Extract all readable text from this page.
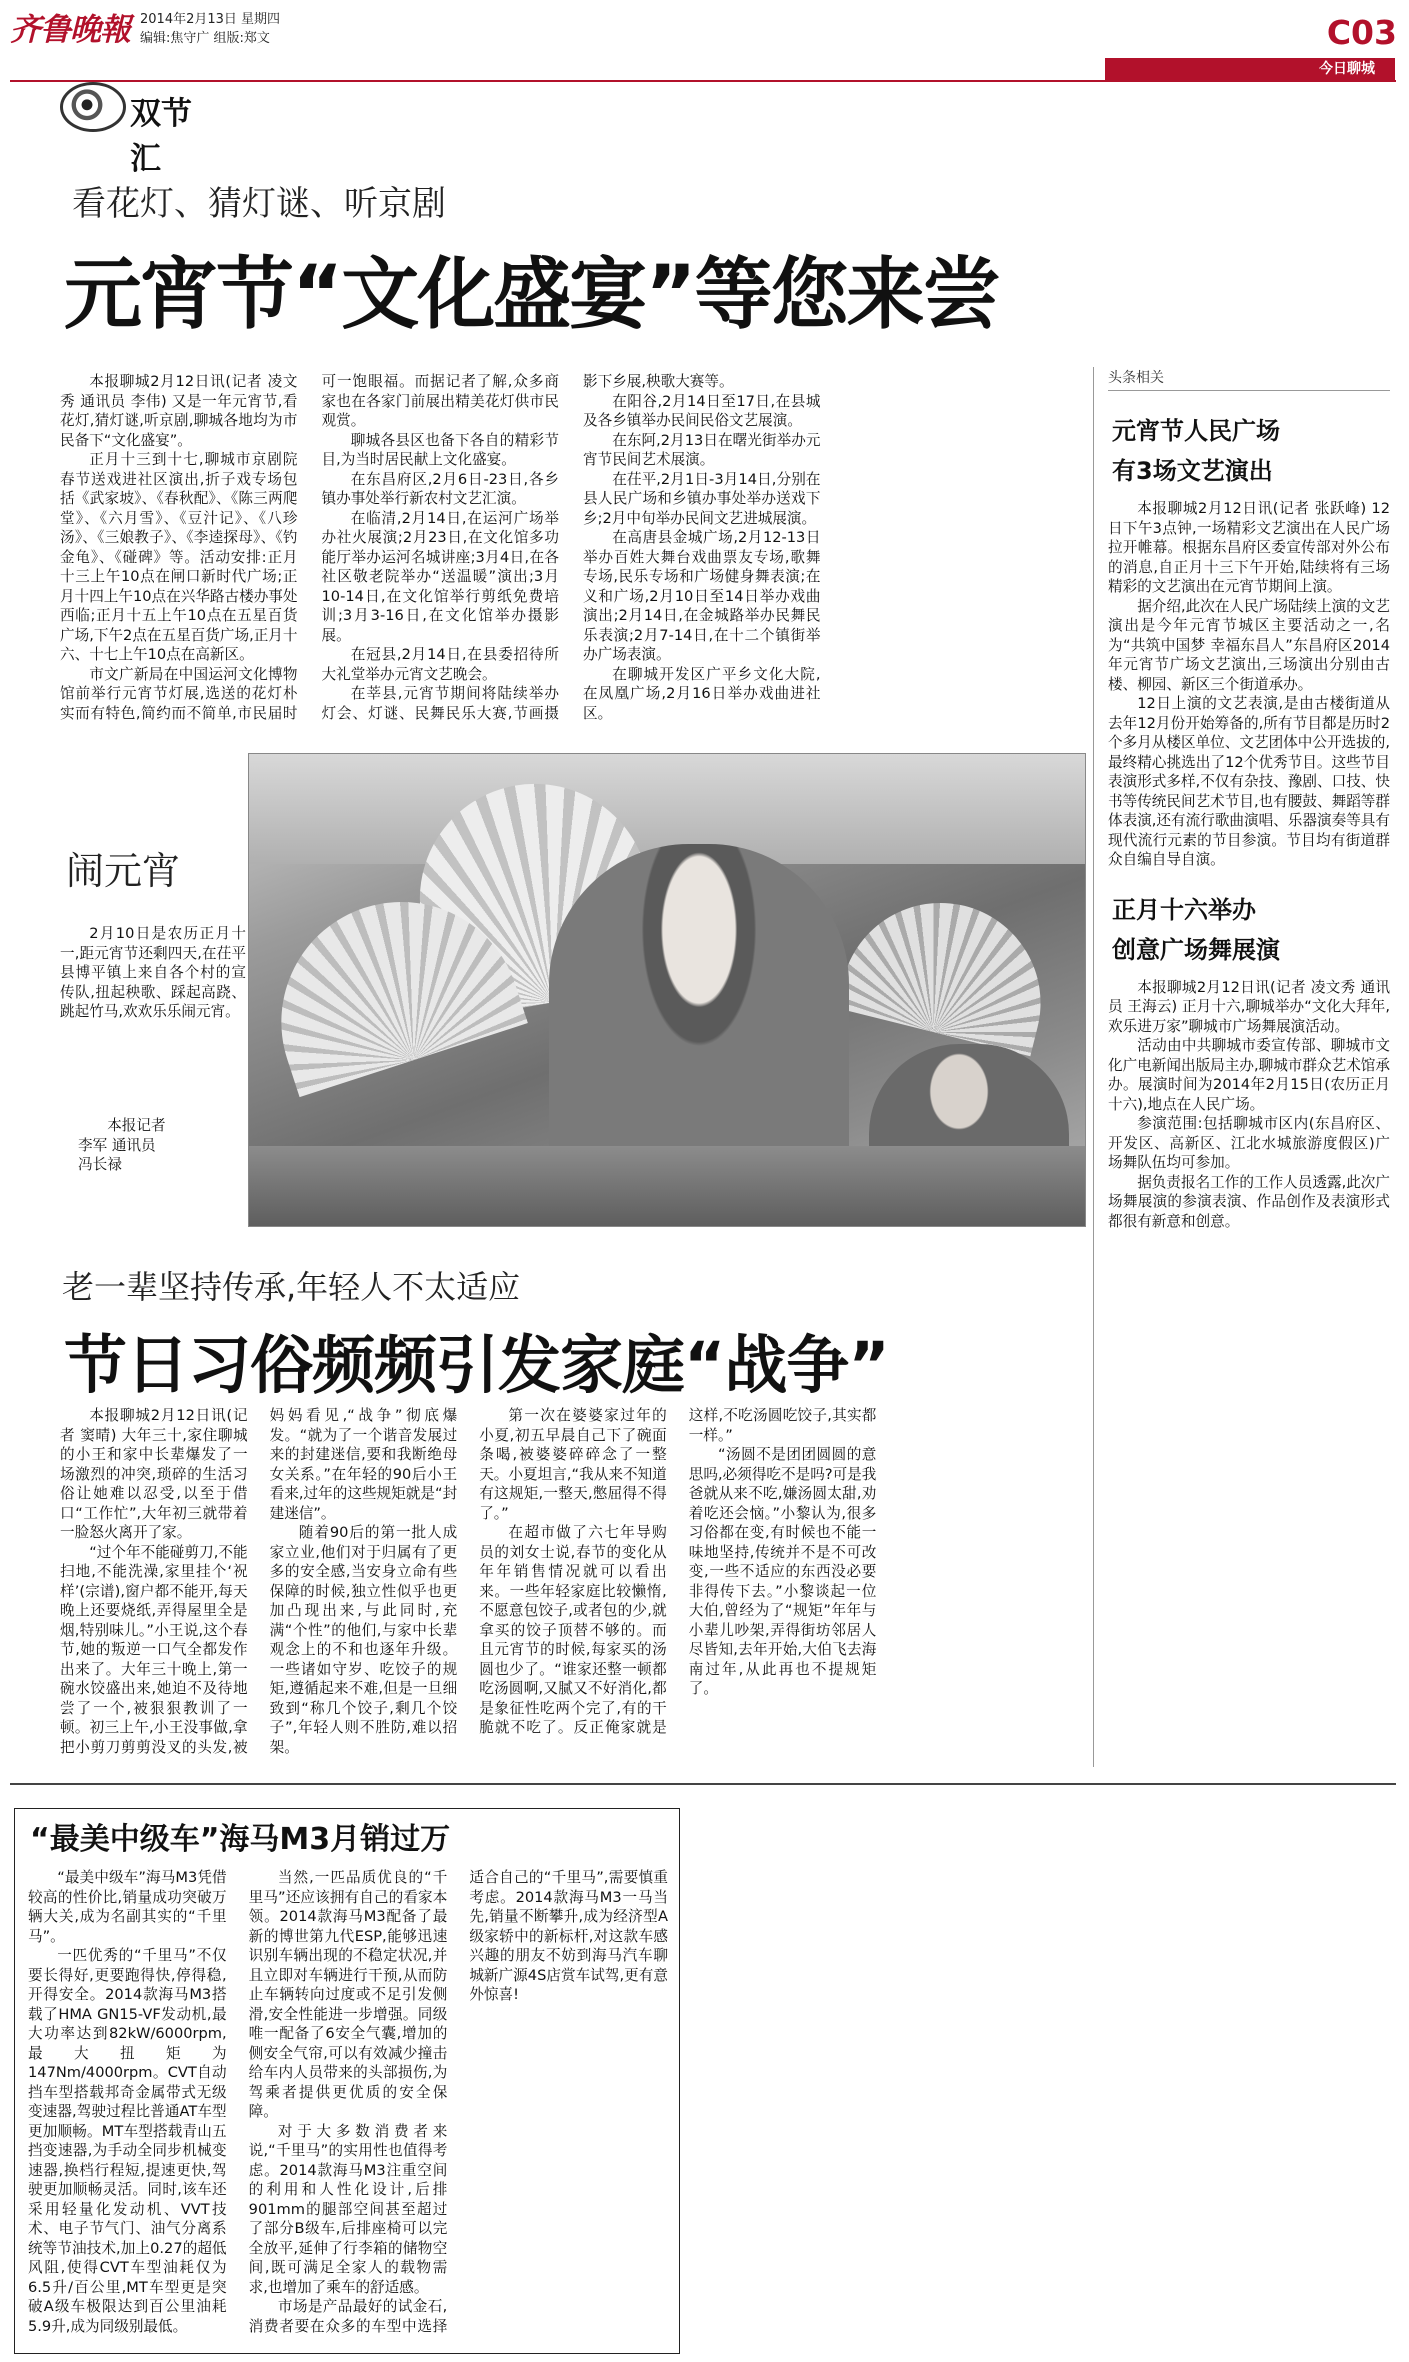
齐鲁晚報 2014年2月13日 星期四
编辑:焦守广 组版:郑文	C03
今日聊城
双节汇
看花灯、猜灯谜、听京剧
元宵节“文化盛宴”等您来尝

本报聊城2月12日讯(记者 凌文秀 通讯员 李伟) 又是一年元宵节,看花灯,猜灯谜,听京剧,聊城各地均为市民备下“文化盛宴”。

正月十三到十七,聊城市京剧院春节送戏进社区演出,折子戏专场包括《武家坡》、《春秋配》、《陈三两爬堂》、《六月雪》、《豆汁记》、《八珍汤》、《三娘教子》、《李逵探母》、《钓金龟》、《碰碑》等。活动安排:正月十三上午10点在闸口新时代广场;正月十四上午10点在兴华路古楼办事处西临;正月十五上午10点在五星百货广场,下午2点在五星百货广场,正月十六、十七上午10点在高新区。

市文广新局在中国运河文化博物馆前举行元宵节灯展,选送的花灯朴实而有特色,简约而不简单,市民届时可一饱眼福。而据记者了解,众多商家也在各家门前展出精美花灯供市民观赏。

聊城各县区也备下各自的精彩节目,为当时居民献上文化盛宴。

在东昌府区,2月6日-23日,各乡镇办事处举行新农村文艺汇演。

在临清,2月14日,在运河广场举办社火展演;2月23日,在文化馆多功能厅举办运河名城讲座;3月4日,在各社区敬老院举办“送温暖”演出;3月10-14日,在文化馆举行剪纸免费培训;3月3-16日,在文化馆举办摄影展。

在冠县,2月14日,在县委招待所大礼堂举办元宵文艺晚会。

在莘县,元宵节期间将陆续举办灯会、灯谜、民舞民乐大赛,节画摄影下乡展,秧歌大赛等。

在阳谷,2月14日至17日,在县城及各乡镇举办民间民俗文艺展演。

在东阿,2月13日在曙光街举办元宵节民间艺术展演。

在茌平,2月1日-3月14日,分别在县人民广场和乡镇办事处举办送戏下乡;2月中旬举办民间文艺进城展演。

在高唐县金城广场,2月12-13日举办百姓大舞台戏曲票友专场,歌舞专场,民乐专场和广场健身舞表演;在义和广场,2月10日至14日举办戏曲演出;2月14日,在金城路举办民舞民乐表演;2月7-14日,在十二个镇街举办广场表演。

在聊城开发区广平乡文化大院,在凤凰广场,2月16日举办戏曲进社区。

闹元宵

2月10日是农历正月十一,距元宵节还剩四天,在茌平县博平镇上来自各个村的宣传队,扭起秧歌、踩起高跷、跳起竹马,欢欢乐乐闹元宵。

本报记者
李军 通讯员
冯长禄
老一辈坚持传承,年轻人不太适应
节日习俗频频引发家庭“战争”

本报聊城2月12日讯(记者 窦晴) 大年三十,家住聊城的小王和家中长辈爆发了一场激烈的冲突,琐碎的生活习俗让她难以忍受,以至于借口“工作忙”,大年初三就带着一脸怒火离开了家。

“过个年不能碰剪刀,不能扫地,不能洗澡,家里挂个‘祝样’(宗谱),窗户都不能开,每天晚上还要烧纸,弄得屋里全是烟,特别味儿。”小王说,这个春节,她的叛逆一口气全都发作出来了。大年三十晚上,第一碗水饺盛出来,她迫不及待地尝了一个,被狠狠教训了一顿。初三上午,小王没事做,拿把小剪刀剪剪没叉的头发,被妈妈看见,“战争”彻底爆发。“就为了一个谐音发展过来的封建迷信,要和我断绝母女关系。”在年轻的90后小王看来,过年的这些规矩就是“封建迷信”。

随着90后的第一批人成家立业,他们对于归属有了更多的安全感,当安身立命有些保障的时候,独立性似乎也更加凸现出来,与此同时,充满“个性”的他们,与家中长辈观念上的不和也逐年升级。一些诸如守岁、吃饺子的规矩,遵循起来不难,但是一旦细致到“称几个饺子,剩几个饺子”,年轻人则不胜防,难以招架。

第一次在婆婆家过年的小夏,初五早晨自己下了碗面条喝,被婆婆碎碎念了一整天。小夏坦言,“我从来不知道有这规矩,一整天,憋屈得不得了。”

在超市做了六七年导购员的刘女士说,春节的变化从年年销售情况就可以看出来。一些年轻家庭比较懒惰,不愿意包饺子,或者包的少,就拿买的饺子顶替不够的。而且元宵节的时候,每家买的汤圆也少了。“谁家还整一顿都吃汤圆啊,又腻又不好消化,都是象征性吃两个完了,有的干脆就不吃了。反正俺家就是这样,不吃汤圆吃饺子,其实都一样。”

“汤圆不是团团圆圆的意思吗,必须得吃不是吗?可是我爸就从来不吃,嫌汤圆太甜,劝着吃还会恼。”小黎认为,很多习俗都在变,有时候也不能一味地坚持,传统并不是不可改变,一些不适应的东西没必要非得传下去。”小黎谈起一位大伯,曾经为了“规矩”年年与小辈儿吵架,弄得街坊邻居人尽皆知,去年开始,大伯飞去海南过年,从此再也不提规矩了。

头条相关
元宵节人民广场
有3场文艺演出

本报聊城2月12日讯(记者 张跃峰) 12日下午3点钟,一场精彩文艺演出在人民广场拉开帷幕。根据东昌府区委宣传部对外公布的消息,自正月十三下午开始,陆续将有三场精彩的文艺演出在元宵节期间上演。

据介绍,此次在人民广场陆续上演的文艺演出是今年元宵节城区主要活动之一,名为“共筑中国梦 幸福东昌人”东昌府区2014年元宵节广场文艺演出,三场演出分别由古楼、柳园、新区三个街道承办。

12日上演的文艺表演,是由古楼街道从去年12月份开始筹备的,所有节目都是历时2个多月从楼区单位、文艺团体中公开选拔的,最终精心挑选出了12个优秀节目。这些节目表演形式多样,不仅有杂技、豫剧、口技、快书等传统民间艺术节目,也有腰鼓、舞蹈等群体表演,还有流行歌曲演唱、乐器演奏等具有现代流行元素的节目参演。节目均有街道群众自编自导自演。

正月十六举办
创意广场舞展演

本报聊城2月12日讯(记者 凌文秀 通讯员 王海云) 正月十六,聊城举办“文化大拜年,欢乐进万家”聊城市广场舞展演活动。

活动由中共聊城市委宣传部、聊城市文化广电新闻出版局主办,聊城市群众艺术馆承办。展演时间为2014年2月15日(农历正月十六),地点在人民广场。

参演范围:包括聊城市区内(东昌府区、开发区、高新区、江北水城旅游度假区)广场舞队伍均可参加。

据负责报名工作的工作人员透露,此次广场舞展演的参演表演、作品创作及表演形式都很有新意和创意。

“最美中级车”海马M3月销过万

“最美中级车”海马M3凭借较高的性价比,销量成功突破万辆大关,成为名副其实的“千里马”。

一匹优秀的“千里马”不仅要长得好,更要跑得快,停得稳,开得安全。2014款海马M3搭载了HMA GN15-VF发动机,最大功率达到82kW/6000rpm,最大扭矩为147Nm/4000rpm。CVT自动挡车型搭载邦奇金属带式无级变速器,驾驶过程比普通AT车型更加顺畅。MT车型搭载青山五挡变速器,为手动全同步机械变速器,换档行程短,提速更快,驾驶更加顺畅灵活。同时,该车还采用轻量化发动机、VVT技术、电子节气门、油气分离系统等节油技术,加上0.27的超低风阻,使得CVT车型油耗仅为6.5升/百公里,MT车型更是突破A级车极限达到百公里油耗5.9升,成为同级别最低。

当然,一匹品质优良的“千里马”还应该拥有自己的看家本领。2014款海马M3配备了最新的博世第九代ESP,能够迅速识别车辆出现的不稳定状况,并且立即对车辆进行干预,从而防止车辆转向过度或不足引发侧滑,安全性能进一步增强。同级唯一配备了6安全气囊,增加的侧安全气帘,可以有效减少撞击给车内人员带来的头部损伤,为驾乘者提供更优质的安全保障。

对于大多数消费者来说,“千里马”的实用性也值得考虑。2014款海马M3注重空间的利用和人性化设计,后排901mm的腿部空间甚至超过了部分B级车,后排座椅可以完全放平,延伸了行李箱的储物空间,既可满足全家人的载物需求,也增加了乘车的舒适感。

市场是产品最好的试金石,消费者要在众多的车型中选择适合自己的“千里马”,需要慎重考虑。2014款海马M3一马当先,销量不断攀升,成为经济型A级家轿中的新标杆,对这款车感兴趣的朋友不妨到海马汽车聊城新广源4S店赏车试驾,更有意外惊喜!
